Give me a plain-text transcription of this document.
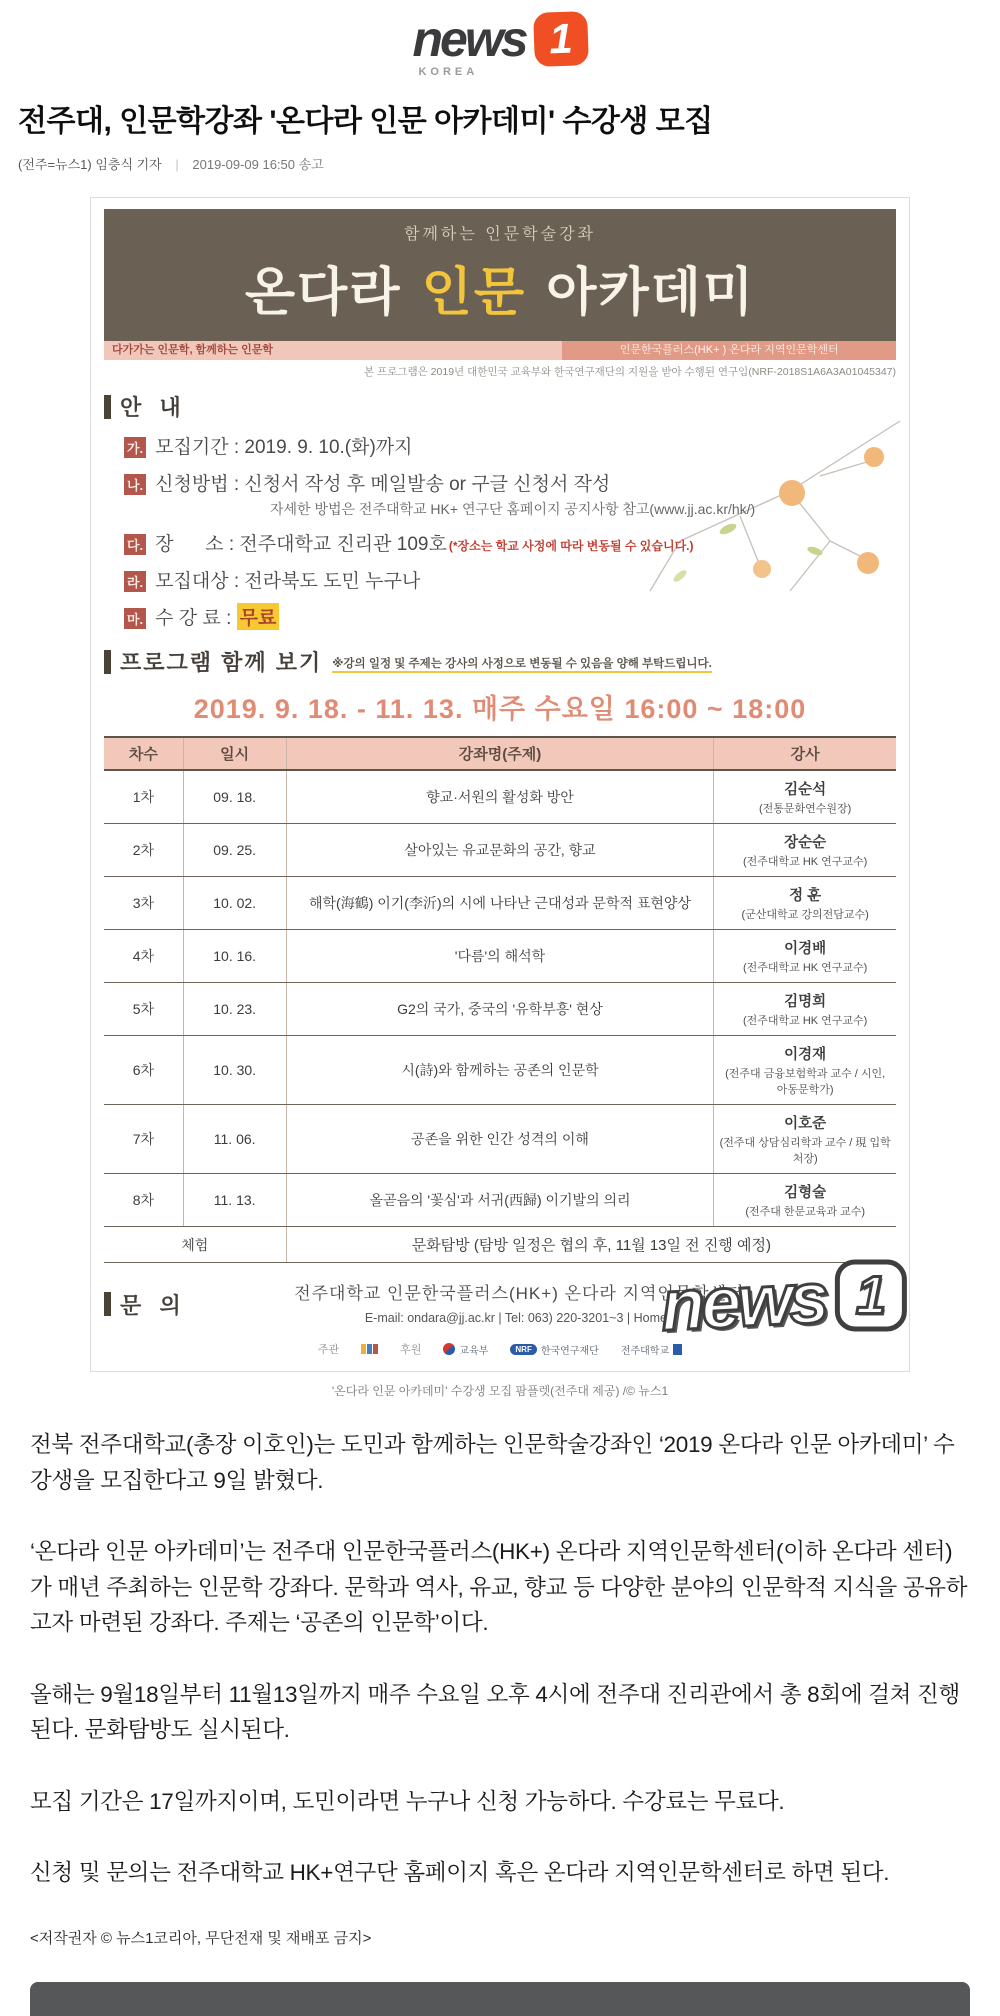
news 1
KOREA
전주대, 인문학강좌 '온다라 인문 아카데미' 수강생 모집
(전주=뉴스1) 임충식 기자 | 2019-09-09 16:50 송고
함께하는 인문학술강좌
온다라 인문 아카데미
다가가는 인문학, 함께하는 인문학	인문한국플러스(HK+ ) 온다라 지역인문학센터
본 프로그램은 2019년 대한민국 교육부와 한국연구재단의 지원을 받아 수행된 연구임(NRF-2018S1A6A3A01045347)
안  내
가. 모집기간 : 2019. 9. 10.(화)까지
나. 신청방법 : 신청서 작성 후 메일발송 or 구글 신청서 작성
자세한 방법은 전주대학교 HK+ 연구단 홈페이지 공지사항 참고(www.jj.ac.kr/hk/)
다. 장      소 : 전주대학교 진리관 109호 (*장소는 학교 사정에 따라 변동될 수 있습니다.)
라. 모집대상 : 전라북도 도민 누구나
마. 수 강 료 : 무료
프로그램 함께 보기 ※강의 일정 및 주제는 강사의 사정으로 변동될 수 있음을 양해 부탁드립니다.
2019. 9. 18. - 11. 13. 매주 수요일 16:00 ~ 18:00
차수	일시	강좌명(주제)	강사
1차	09. 18.	향교·서원의 활성화 방안	김순석
(전통문화연수원장)

2차	09. 25.	살아있는 유교문화의 공간, 향교	장순순
(전주대학교 HK 연구교수)

3차	10. 02.	해학(海鶴) 이기(李沂)의 시에 나타난 근대성과 문학적 표현양상	정 훈
(군산대학교 강의전담교수)

4차	10. 16.	'다름'의 해석학	이경배
(전주대학교 HK 연구교수)

5차	10. 23.	G2의 국가, 중국의 '유학부흥' 현상	김명희
(전주대학교 HK 연구교수)

6차	10. 30.	시(詩)와 함께하는 공존의 인문학	이경재
(전주대 금융보험학과 교수 / 시인, 아동문학가)

7차	11. 06.	공존을 위한 인간 성격의 이해	이호준
(전주대 상담심리학과 교수 / 現 입학처장)

8차	11. 13.	올곧음의 '꽃심'과 서귀(西歸) 이기발의 의리	김형술
(전주대 한문교육과 교수)

체험		문화탐방 (탐방 일정은 협의 후, 11월 13일 전 진행 예정)	
문  의	전주대학교 인문한국플러스(HK+) 온다라 지역인문학센터
E-mail: ondara@jj.ac.kr | Tel: 063) 220-3201~3 | Homep
주관	후원	교육부	NRF 한국연구재단 전주대학교
news 1
'온다라 인문 아카데미' 수강생 모집 팜플렛(전주대 제공) /© 뉴스1

전북 전주대학교(총장 이호인)는 도민과 함께하는 인문학술강좌인 ‘2019 온다라 인문 아카데미’ 수강생을 모집한다고 9일 밝혔다.

‘온다라 인문 아카데미’는 전주대 인문한국플러스(HK+) 온다라 지역인문학센터(이하 온다라 센터)가 매년 주최하는 인문학 강좌다. 문학과 역사, 유교, 향교 등 다양한 분야의 인문학적 지식을 공유하고자 마련된 강좌다. 주제는 ‘공존의 인문학’이다.

올해는 9월18일부터 11월13일까지 매주 수요일 오후 4시에 전주대 진리관에서 총 8회에 걸쳐 진행된다. 문화탐방도 실시된다.

모집 기간은 17일까지이며, 도민이라면 누구나 신청 가능하다. 수강료는 무료다.

신청 및 문의는 전주대학교 HK+연구단 홈페이지 혹은 온다라 지역인문학센터로 하면 된다.

<저작권자 © 뉴스1코리아, 무단전재 및 재배포 금지>
